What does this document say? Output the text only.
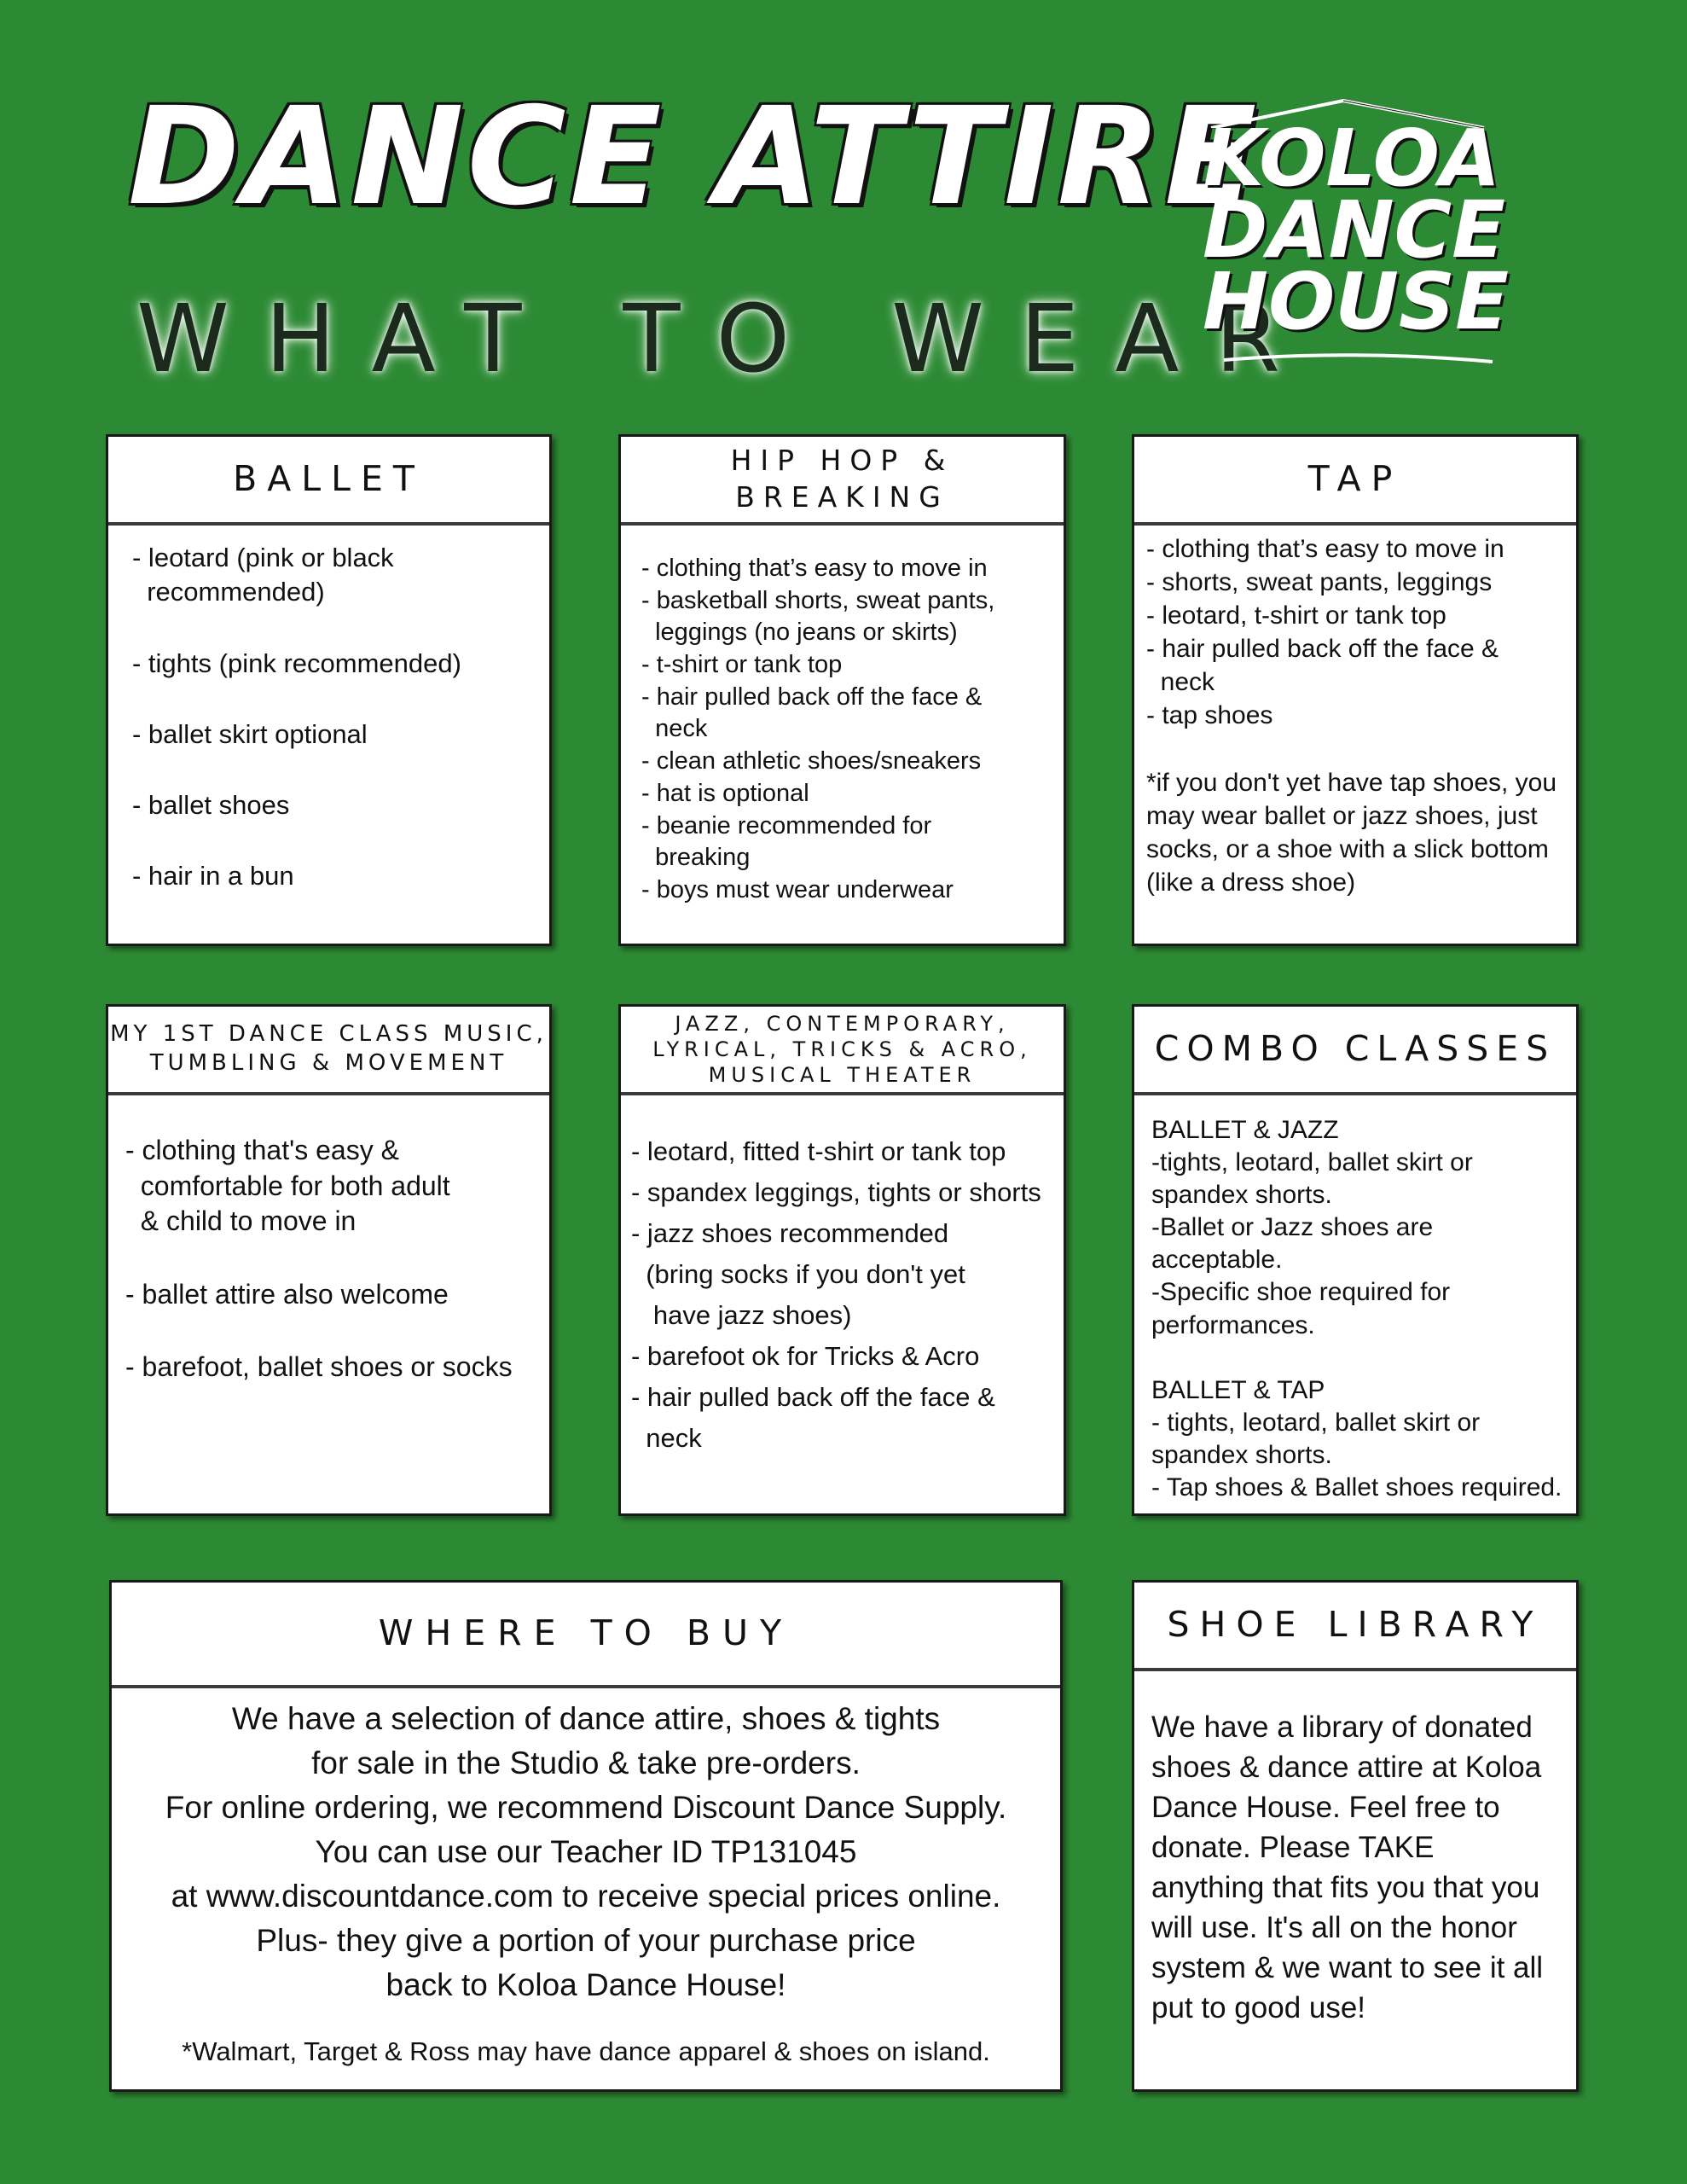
DANCE ATTIRE
WHAT TO WEAR
KOLOA
DANCE
HOUSE
BALLET
- leotard (pink or black
recommended)
- tights (pink recommended)
- ballet skirt optional
- ballet shoes
- hair in a bun
HIP HOP &
BREAKING
- clothing that’s easy to move in
- basketball shorts, sweat pants,
leggings (no jeans or skirts)
- t-shirt or tank top
- hair pulled back off the face &
neck
- clean athletic shoes/sneakers
- hat is optional
- beanie recommended for
breaking
- boys must wear underwear
TAP
- clothing that’s easy to move in
- shorts, sweat pants, leggings
- leotard, t-shirt or tank top
- hair pulled back off the face &
neck
- tap shoes
*if you don't yet have tap shoes, you may wear ballet or jazz shoes, just socks, or a shoe with a slick bottom (like a dress shoe)
MY 1ST DANCE CLASS MUSIC,
TUMBLING & MOVEMENT
- clothing that's easy &
comfortable for both adult
& child to move in
- ballet attire also welcome
- barefoot, ballet shoes or socks
JAZZ, CONTEMPORARY,
LYRICAL, TRICKS & ACRO,
MUSICAL THEATER
- leotard, fitted t-shirt or tank top
- spandex leggings, tights or shorts
- jazz shoes recommended
(bring socks if you don't yet
have jazz shoes)
- barefoot ok for Tricks & Acro
- hair pulled back off the face &
neck
COMBO CLASSES
BALLET & JAZZ
-tights, leotard, ballet skirt or spandex shorts.
-Ballet or Jazz shoes are acceptable.
-Specific shoe required for performances.
BALLET & TAP
- tights, leotard, ballet skirt or spandex shorts.
- Tap shoes & Ballet shoes required.
WHERE TO BUY
We have a selection of dance attire, shoes & tights
for sale in the Studio & take pre-orders.
For online ordering, we recommend Discount Dance Supply.
You can use our Teacher ID TP131045
at www.discountdance.com to receive special prices online.
Plus- they give a portion of your purchase price
back to Koloa Dance House!
*Walmart, Target & Ross may have dance apparel & shoes on island.
SHOE LIBRARY
We have a library of donated shoes & dance attire at Koloa Dance House. Feel free to donate. Please TAKE anything that fits you that you will use. It's all on the honor system & we want to see it all put to good use!
